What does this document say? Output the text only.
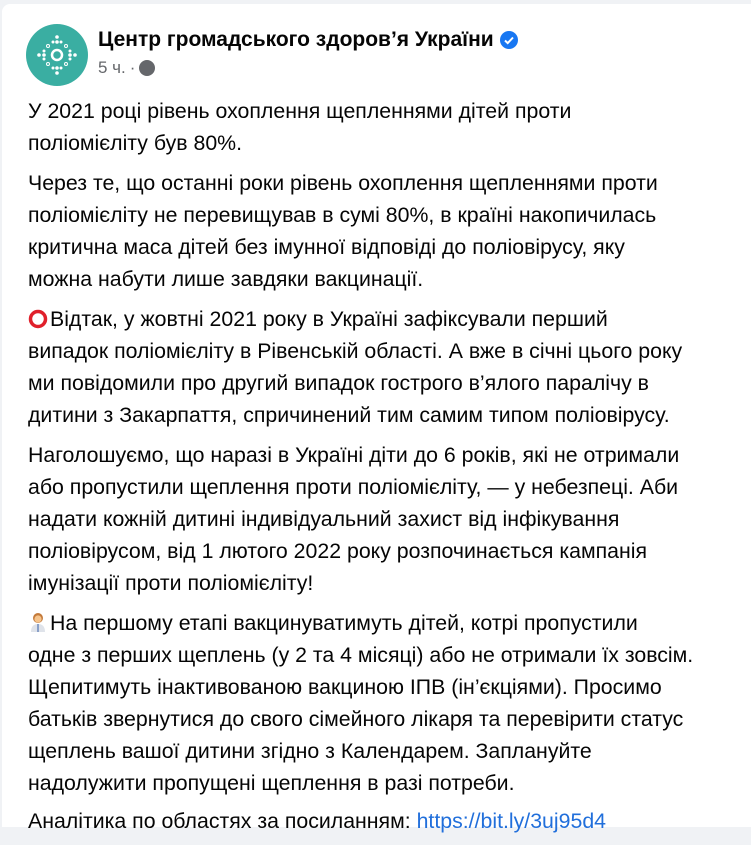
Центр громадського здоров’я України
5 ч. ·
У 2021 році рівень охоплення щепленнями дітей проти
поліомієліту був 80%.
Через те, що останні роки рівень охоплення щепленнями проти
поліомієліту не перевищував в сумі 80%, в країні накопичилась
критична маса дітей без імунної відповіді до поліовірусу, яку
можна набути лише завдяки вакцинації.
Відтак, у жовтні 2021 року в Україні зафіксували перший
випадок поліомієліту в Рівенській області. А вже в січні цього року
ми повідомили про другий випадок гострого в’ялого паралічу в
дитини з Закарпаття, спричинений тим самим типом поліовірусу.
Наголошуємо, що наразі в Україні діти до 6 років, які не отримали
або пропустили щеплення проти поліомієліту, — у небезпеці. Аби
надати кожній дитині індивідуальний захист від інфікування
поліовірусом, від 1 лютого 2022 року розпочинається кампанія
імунізації проти поліомієліту!
На першому етапі вакцинуватимуть дітей, котрі пропустили
одне з перших щеплень (у 2 та 4 місяці) або не отримали їх зовсім.
Щепитимуть інактивованою вакциною ІПВ (ін’єкціями). Просимо
батьків звернутися до свого сімейного лікаря та перевірити статус
щеплень вашої дитини згідно з Календарем. Заплануйте
надолужити пропущені щеплення в разі потреби.
Аналітика по областях за посиланням: https://bit.ly/3uj95d4
